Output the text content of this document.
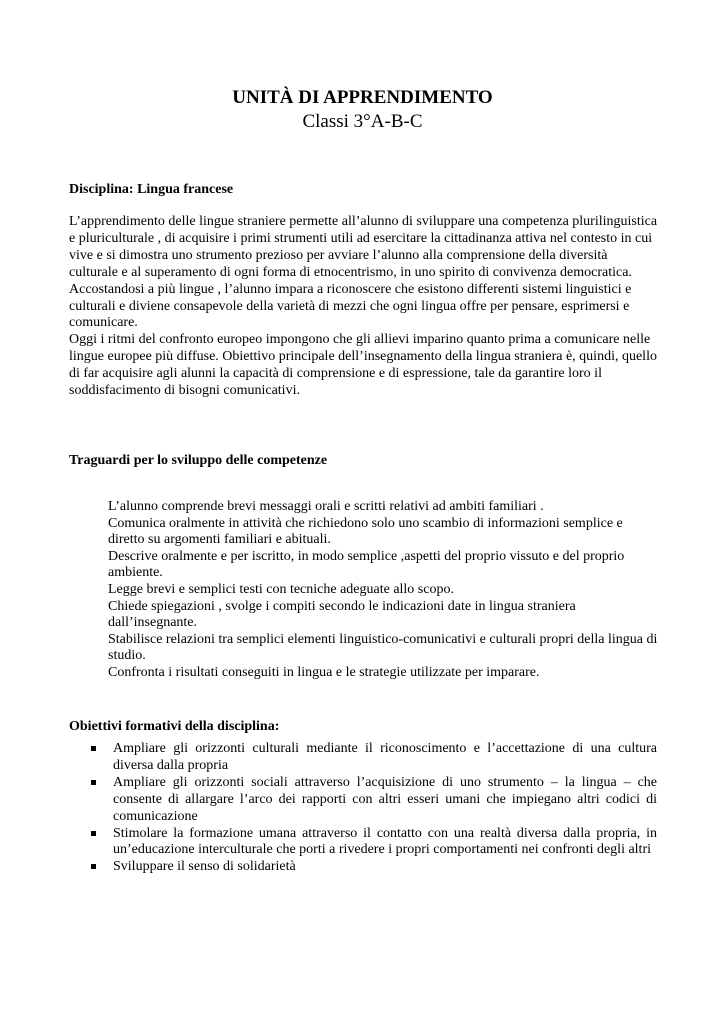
UNITÀ DI APPRENDIMENTO
Classi 3°A-B-C
Disciplina: Lingua francese

L’apprendimento delle lingue straniere permette all’alunno di sviluppare una competenza plurilinguistica e pluriculturale , di acquisire i primi strumenti utili ad esercitare la cittadinanza attiva nel contesto in cui vive e si dimostra uno strumento prezioso per avviare l’alunno alla comprensione della diversità culturale e al superamento di ogni forma di etnocentrismo, in uno spirito di convivenza democratica. Accostandosi a più lingue , l’alunno impara a riconoscere che esistono differenti sistemi linguistici e culturali e diviene consapevole della varietà di mezzi che ogni lingua offre per pensare, esprimersi e comunicare.

Oggi i ritmi del confronto europeo impongono che gli allievi imparino quanto prima a comunicare nelle lingue europee più diffuse. Obiettivo principale dell’insegnamento della lingua straniera è, quindi, quello di far acquisire agli alunni la capacità di comprensione e di espressione, tale da garantire loro il soddisfacimento di bisogni comunicativi.

Traguardi per lo sviluppo delle competenze

L’alunno comprende brevi messaggi orali e scritti relativi ad ambiti familiari .

Comunica oralmente in attività che richiedono solo uno scambio di informazioni semplice e diretto su argomenti familiari e abituali.

Descrive oralmente e per iscritto, in modo semplice ,aspetti del proprio vissuto e del proprio ambiente.

Legge brevi e semplici testi con tecniche adeguate allo scopo.

Chiede spiegazioni , svolge i compiti secondo le indicazioni date in lingua straniera dall’insegnante.

Stabilisce relazioni tra semplici elementi linguistico-comunicativi e culturali propri della lingua di studio.

Confronta i risultati conseguiti in lingua e le strategie utilizzate per imparare.

Obiettivi formativi della disciplina:
Ampliare gli orizzonti culturali mediante il riconoscimento e l’accettazione di una cultura diversa dalla propria
Ampliare gli orizzonti sociali attraverso l’acquisizione di uno strumento – la lingua – che consente di allargare l’arco dei rapporti con altri esseri umani che impiegano altri codici di comunicazione
Stimolare la formazione umana attraverso il contatto con una realtà diversa dalla propria, in un’educazione interculturale che porti a rivedere i propri comportamenti nei confronti degli altri
Sviluppare il senso di solidarietà
